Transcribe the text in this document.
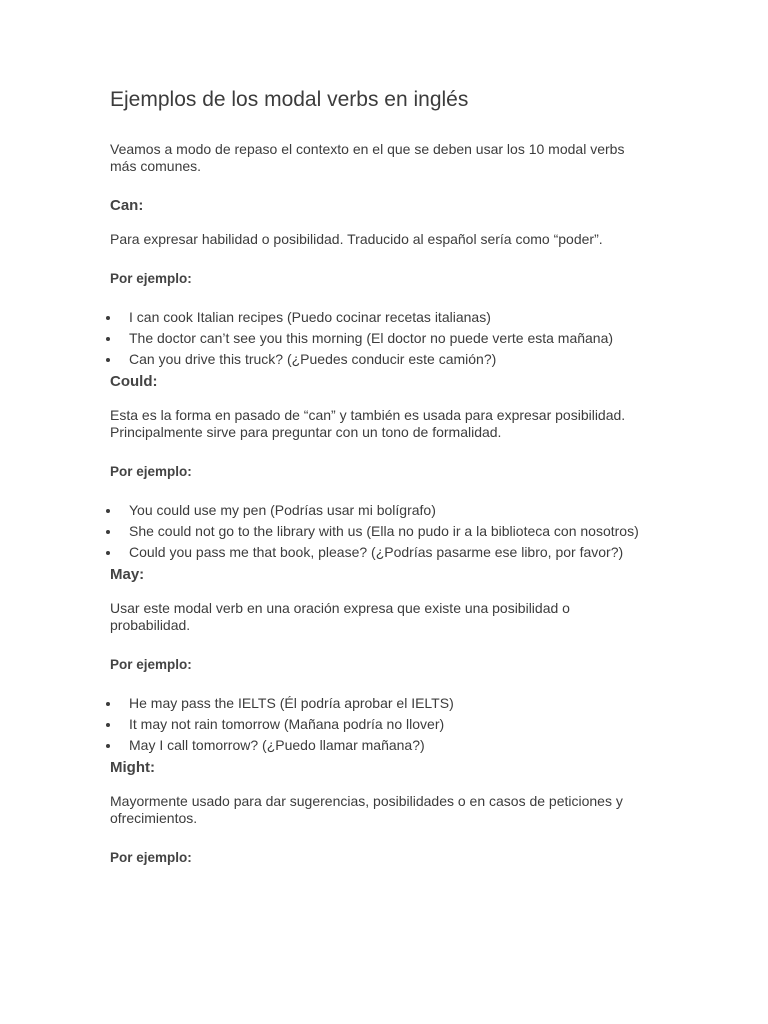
Ejemplos de los modal verbs en inglés

Veamos a modo de repaso el contexto en el que se deben usar los 10 modal verbs más comunes.

Can:

Para expresar habilidad o posibilidad. Traducido al español sería como “poder”.

Por ejemplo:

I can cook Italian recipes (Puedo cocinar recetas italianas)
The doctor can’t see you this morning (El doctor no puede verte esta mañana)
Can you drive this truck? (¿Puedes conducir este camión?)
Could:

Esta es la forma en pasado de “can” y también es usada para expresar posibilidad. Principalmente sirve para preguntar con un tono de formalidad.

Por ejemplo:

You could use my pen (Podrías usar mi bolígrafo)
She could not go to the library with us (Ella no pudo ir a la biblioteca con nosotros)
Could you pass me that book, please? (¿Podrías pasarme ese libro, por favor?)
May:

Usar este modal verb en una oración expresa que existe una posibilidad o probabilidad.

Por ejemplo:

He may pass the IELTS (Él podría aprobar el IELTS)
It may not rain tomorrow (Mañana podría no llover)
May I call tomorrow? (¿Puedo llamar mañana?)
Might:

Mayormente usado para dar sugerencias, posibilidades o en casos de peticiones y ofrecimientos.

Por ejemplo:
